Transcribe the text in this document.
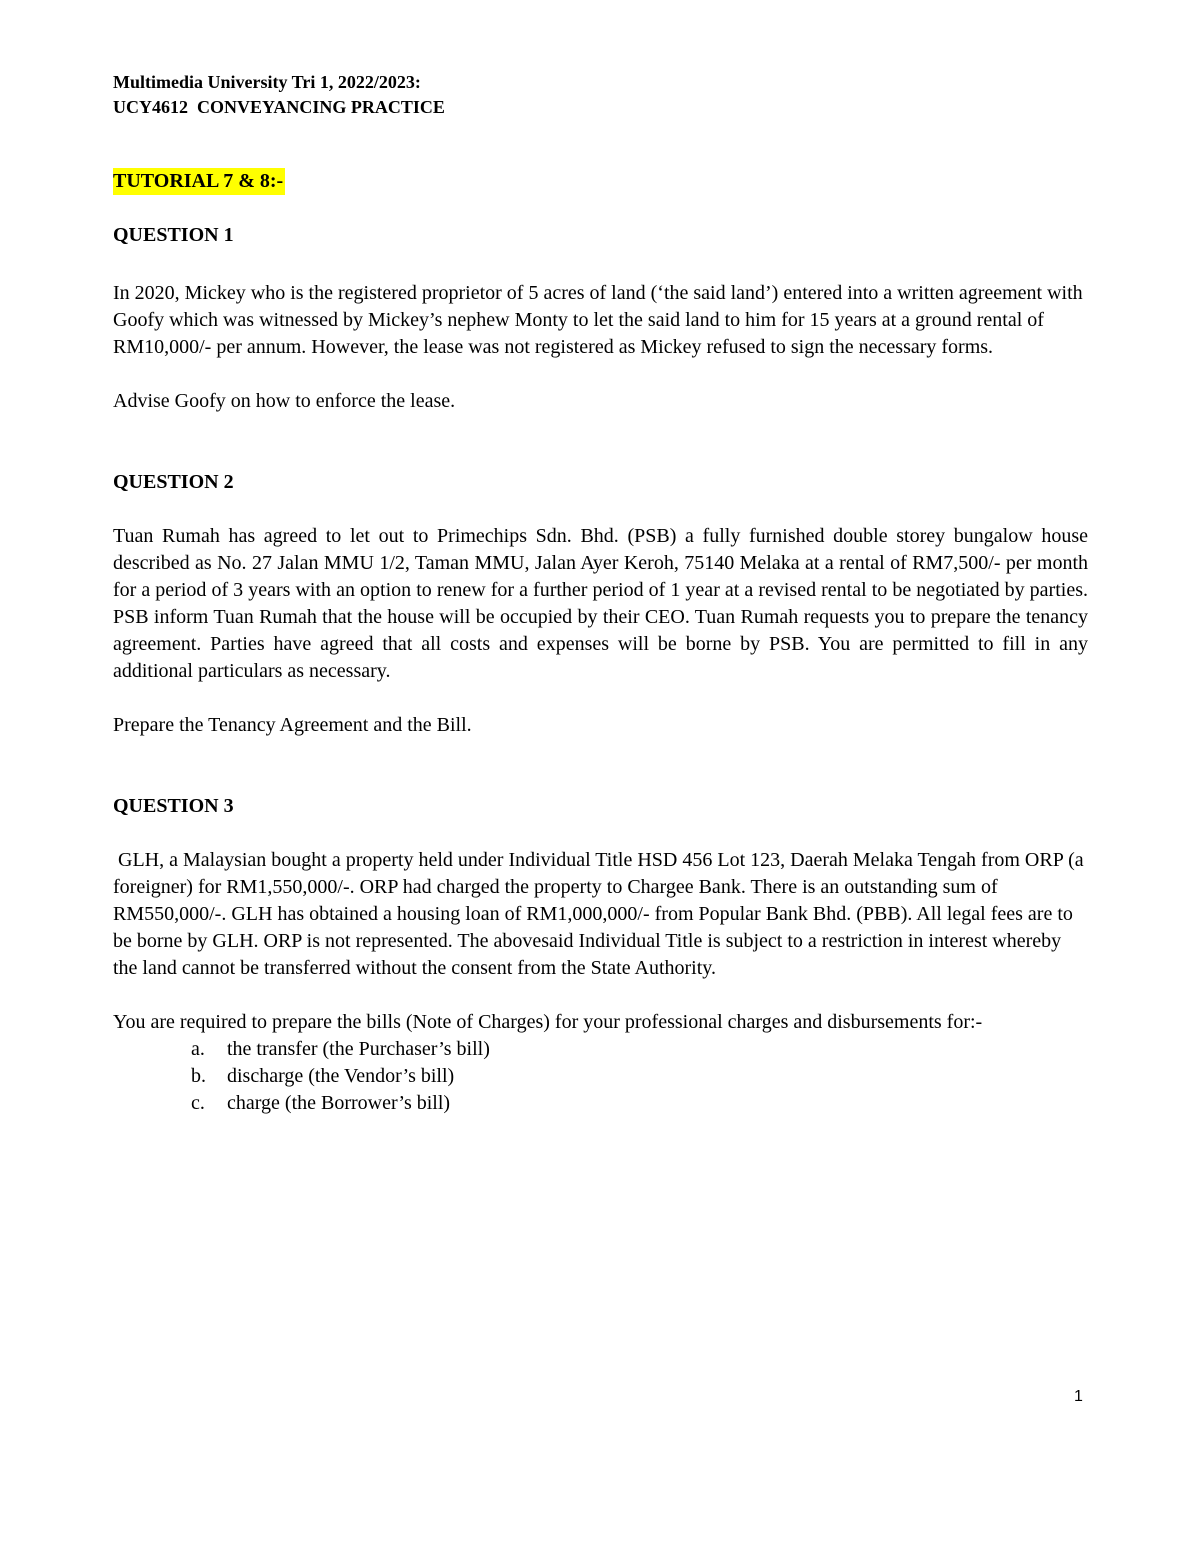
Multimedia University Tri 1, 2022/2023:

UCY4612  CONVEYANCING PRACTICE

TUTORIAL 7 & 8:-

QUESTION 1

In 2020, Mickey who is the registered proprietor of 5 acres of land (‘the said land’) entered into a written agreement with Goofy which was witnessed by Mickey’s nephew Monty to let the said land to him for 15 years at a ground rental of RM10,000/- per annum. However, the lease was not registered as Mickey refused to sign the necessary forms.

Advise Goofy on how to enforce the lease.

QUESTION 2

Tuan Rumah has agreed to let out to Primechips Sdn. Bhd. (PSB) a fully furnished double storey bungalow house described as No. 27 Jalan MMU 1/2, Taman MMU, Jalan Ayer Keroh, 75140 Melaka at a rental of RM7,500/- per month for a period of 3 years with an option to renew for a further period of 1 year at a revised rental to be negotiated by parties. PSB inform Tuan Rumah that the house will be occupied by their CEO. Tuan Rumah requests you to prepare the tenancy agreement. Parties have agreed that all costs and expenses will be borne by PSB. You are permitted to fill in any additional particulars as necessary.

Prepare the Tenancy Agreement and the Bill.

QUESTION 3

GLH, a Malaysian bought a property held under Individual Title HSD 456 Lot 123, Daerah Melaka Tengah from ORP (a foreigner) for RM1,550,000/-. ORP had charged the property to Chargee Bank. There is an outstanding sum of RM550,000/-. GLH has obtained a housing loan of RM1,000,000/- from Popular Bank Bhd. (PBB). All legal fees are to be borne by GLH. ORP is not represented. The abovesaid Individual Title is subject to a restriction in interest whereby the land cannot be transferred without the consent from the State Authority.

You are required to prepare the bills (Note of Charges) for your professional charges and disbursements for:-

a.	the transfer (the Purchaser’s bill)
b.	discharge (the Vendor’s bill)
c.	charge (the Borrower’s bill)
1
